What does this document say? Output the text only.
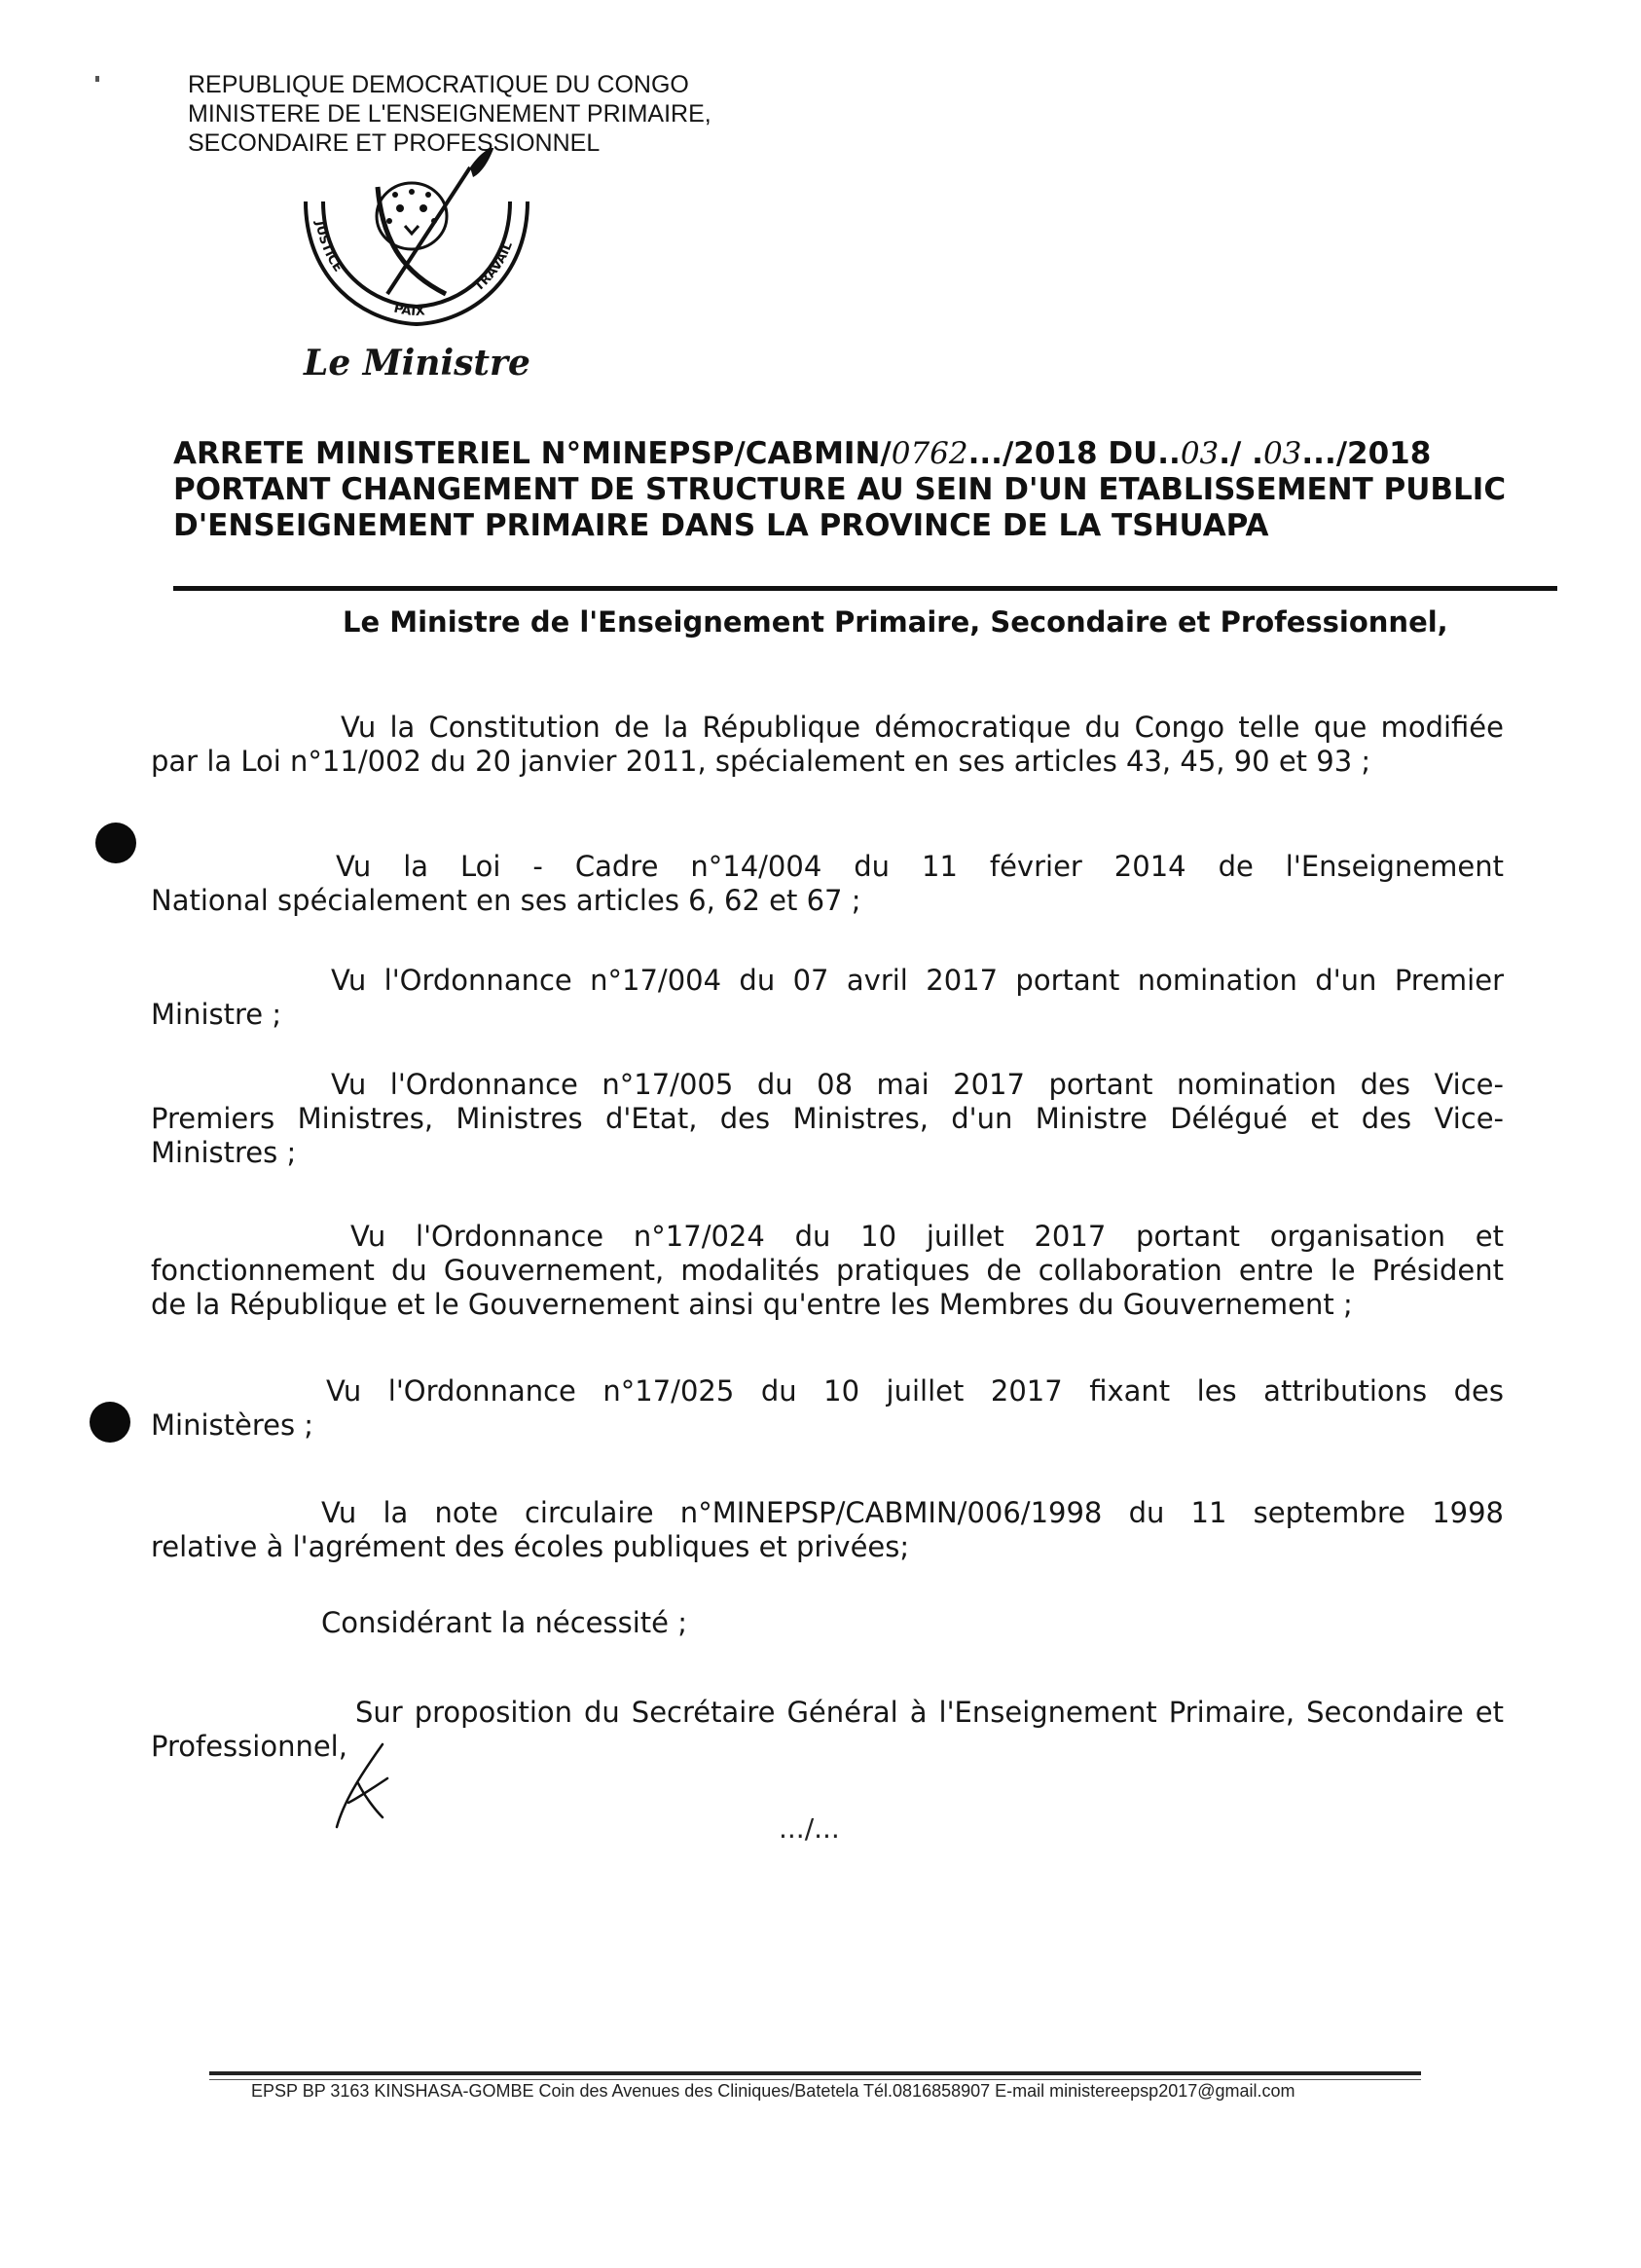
REPUBLIQUE DEMOCRATIQUE DU CONGO
MINISTERE DE L'ENSEIGNEMENT PRIMAIRE,
SECONDAIRE ET PROFESSIONNEL
JUSTICE
PAIX
TRAVAIL
Le Ministre
ARRETE MINISTERIEL N°MINEPSP/CABMIN/0762.../2018 DU..03./ .03.../2018
PORTANT CHANGEMENT DE STRUCTURE AU SEIN D'UN ETABLISSEMENT PUBLIC
D'ENSEIGNEMENT PRIMAIRE DANS LA PROVINCE DE LA TSHUAPA
Le Ministre de l'Enseignement Primaire, Secondaire et Professionnel,

Vu la Constitution de la République démocratique du Congo telle que modifiée

par la Loi n°11/002 du 20 janvier 2011, spécialement en ses articles 43, 45, 90 et 93 ;

Vu la Loi - Cadre n°14/004 du 11 février 2014 de l'Enseignement

National spécialement en ses articles 6, 62 et 67 ;

Vu l'Ordonnance n°17/004 du 07 avril 2017 portant nomination d'un Premier

Ministre ;

Vu l'Ordonnance n°17/005 du 08 mai 2017 portant nomination des Vice-

Premiers Ministres, Ministres d'Etat, des Ministres, d'un Ministre Délégué et des Vice-

Ministres ;

Vu l'Ordonnance n°17/024 du 10 juillet 2017 portant organisation et

fonctionnement du Gouvernement, modalités pratiques de collaboration entre le Président

de la République et le Gouvernement ainsi qu'entre les Membres du Gouvernement ;

Vu l'Ordonnance n°17/025 du 10 juillet 2017 fixant les attributions des

Ministères ;

Vu la note circulaire n°MINEPSP/CABMIN/006/1998 du 11 septembre 1998

relative à l'agrément des écoles publiques et privées;

Considérant la nécessité ;

Sur proposition du Secrétaire Général à l'Enseignement Primaire, Secondaire et

Professionnel,

.../...
EPSP BP 3163 KINSHASA-GOMBE Coin des Avenues des Cliniques/Batetela Tél.0816858907 E-mail ministereepsp2017@gmail.com
